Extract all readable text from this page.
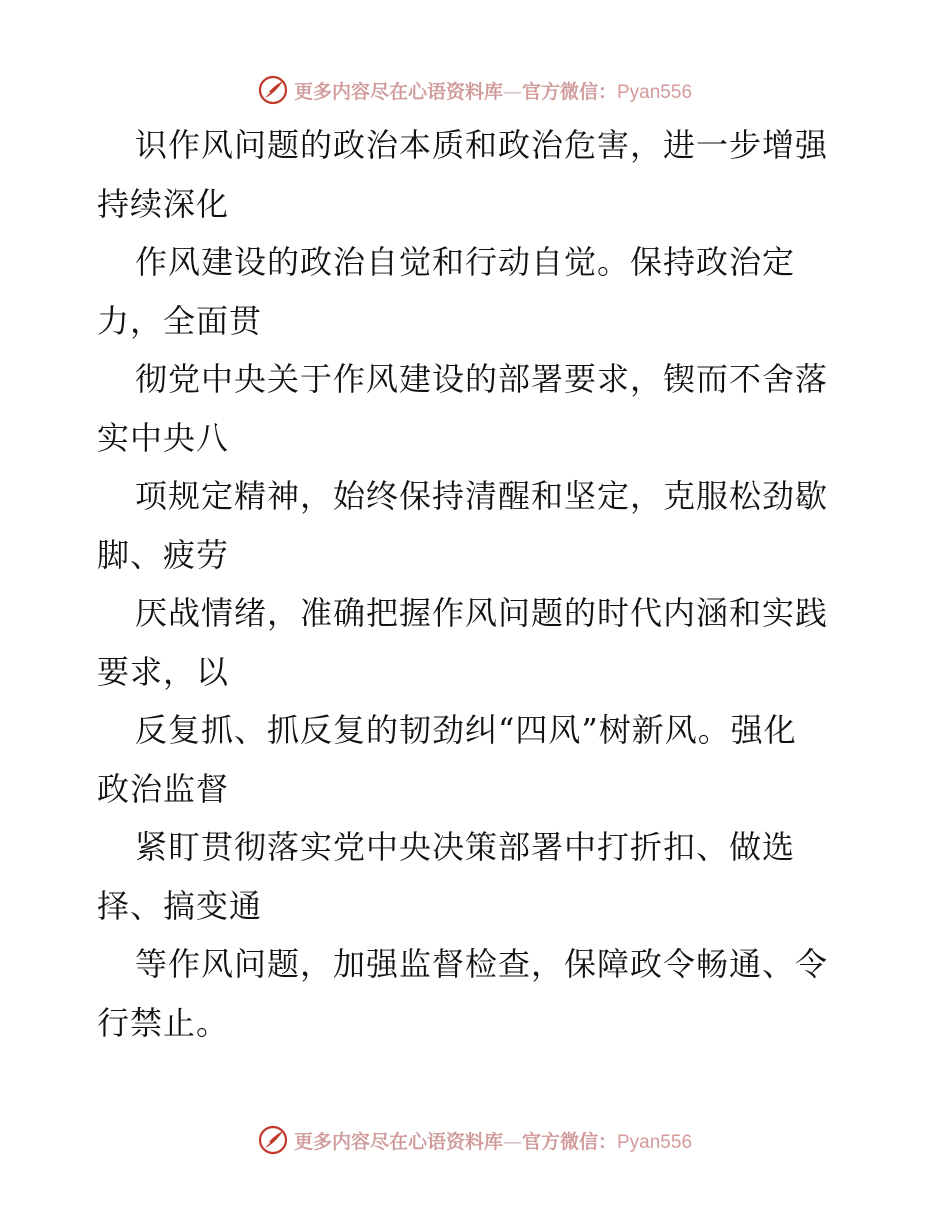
更多内容尽在心语资料库—官方微信：Pyan556
识作风问题的政治本质和政治危害，进一步增强
持续深化
作风建设的政治自觉和行动自觉。保持政治定
力，全面贯
彻党中央关于作风建设的部署要求，锲而不舍落
实中央八
项规定精神，始终保持清醒和坚定，克服松劲歇
脚、疲劳
厌战情绪，准确把握作风问题的时代内涵和实践
要求，以
反复抓、抓反复的韧劲纠“四风”树新风。强化
政治监督
紧盯贯彻落实党中央决策部署中打折扣、做选
择、搞变通
等作风问题，加强监督检查，保障政令畅通、令
行禁止。
更多内容尽在心语资料库—官方微信：Pyan556
